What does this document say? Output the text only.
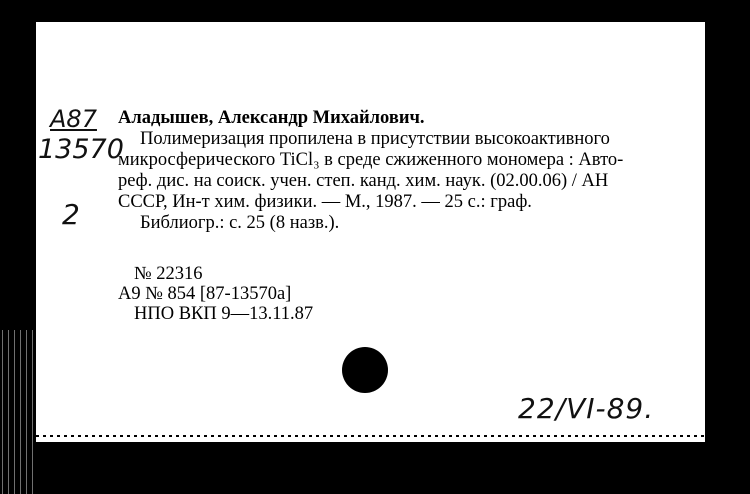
A87
13570
2
Аладышев, Александр Михайлович.
Полимеризация пропилена в присутствии высокоактивного
микросферического TiCl₃ в среде сжиженного мономера : Авто-
реф. дис. на соиск. учен. степ. канд. хим. наук. (02.00.06) / АН
СССР, Ин-т хим. физики. — М., 1987. — 25 с.: граф.
Библиогр.: с. 25 (8 назв.).
№ 22316
А9 № 854 [87-13570а]
НПО ВКП 9—13.11.87
22/VI-89.
